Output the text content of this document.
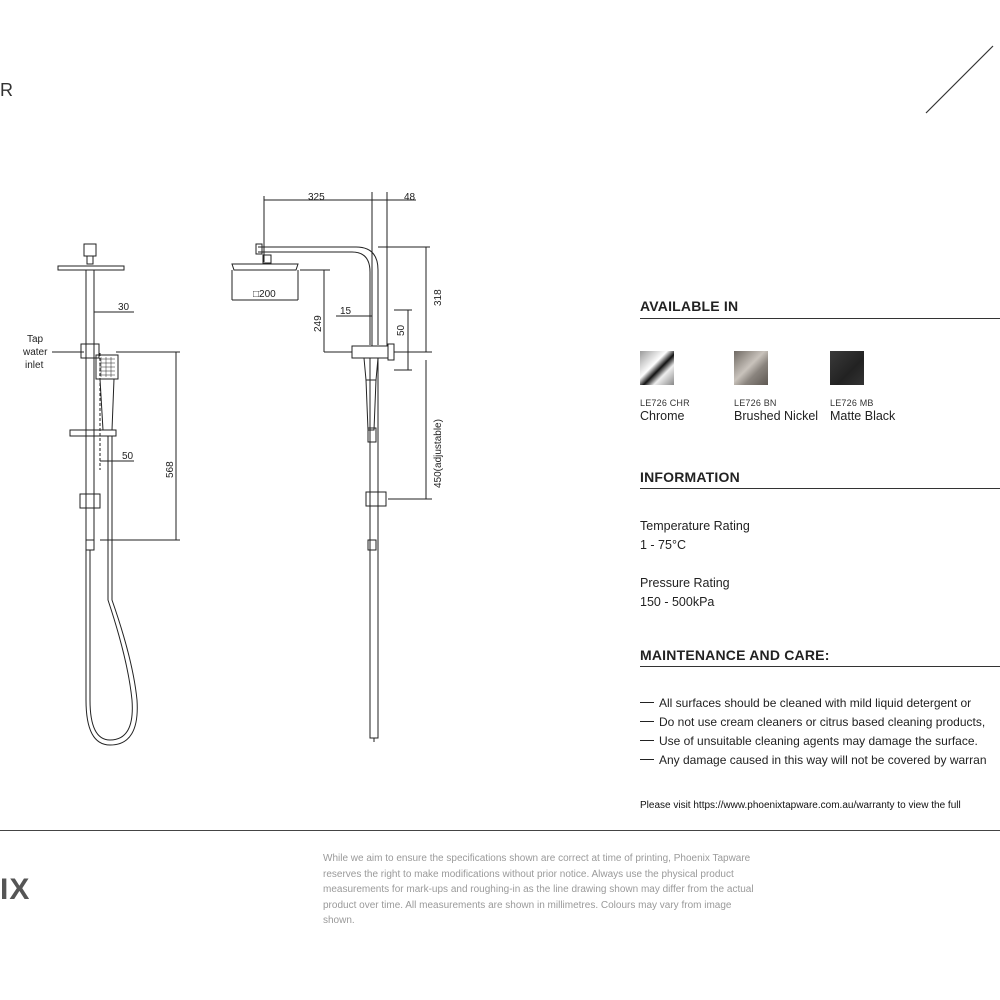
R
325	48
318
249
15
50
□200
450(adjustable)
30
50
568
Tap
water
inlet
AVAILABLE IN
LE726 CHR
Chrome
LE726 BN
Brushed Nickel
LE726 MB
Matte Black
INFORMATION
Temperature Rating
1 - 75°C
Pressure Rating
150 - 500kPa
MAINTENANCE AND CARE:
All surfaces should be cleaned with mild liquid detergent or
Do not use cream cleaners or citrus based cleaning products,
Use of unsuitable cleaning agents may damage the surface.
Any damage caused in this way will not be covered by warran
Please visit https://www.phoenixtapware.com.au/warranty to view the full
IX
While we aim to ensure the specifications shown are correct at time of printing, Phoenix Tapware reserves the right to make modifications without prior notice. Always use the physical product measurements for mark-ups and roughing-in as the line drawing shown may differ from the actual product over time. All measurements are shown in millimetres. Colours may vary from image shown.
